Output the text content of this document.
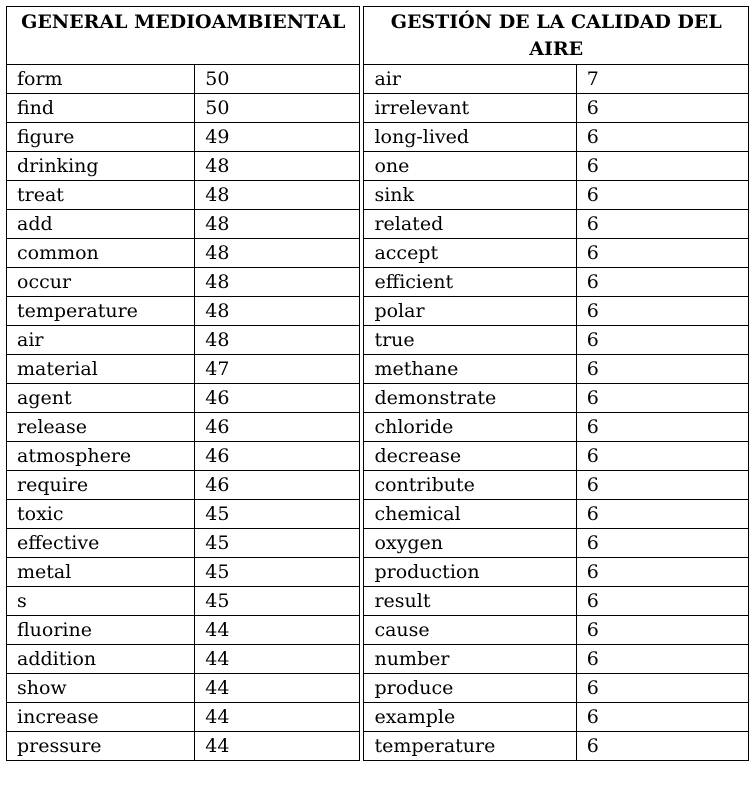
GENERAL MEDIOAMBIENTAL			GESTIÓN DE LA CALIDAD DEL AIRE	
form	50		air	7
find	50		irrelevant	6
figure	49		long-lived	6
drinking	48		one	6
treat	48		sink	6
add	48		related	6
common	48		accept	6
occur	48		efficient	6
temperature	48		polar	6
air	48		true	6
material	47		methane	6
agent	46		demonstrate	6
release	46		chloride	6
atmosphere	46		decrease	6
require	46		contribute	6
toxic	45		chemical	6
effective	45		oxygen	6
metal	45		production	6
s	45		result	6
fluorine	44		cause	6
addition	44		number	6
show	44		produce	6
increase	44		example	6
pressure	44		temperature	6
